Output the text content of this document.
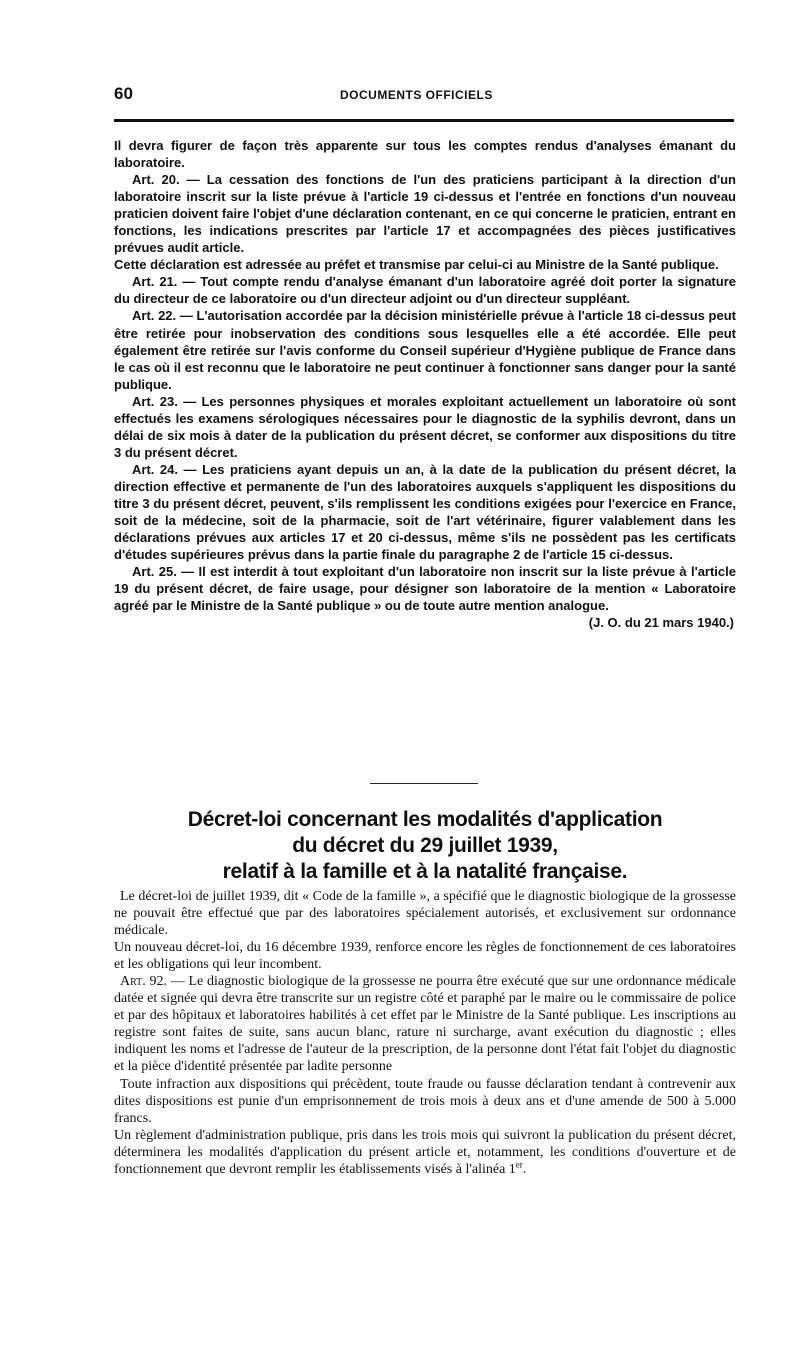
60	DOCUMENTS OFFICIELS

Il devra figurer de façon très apparente sur tous les comptes rendus d'analyses émanant du laboratoire.

Art. 20. — La cessation des fonctions de l'un des praticiens participant à la direction d'un laboratoire inscrit sur la liste prévue à l'article 19 ci-dessus et l'entrée en fonctions d'un nouveau praticien doivent faire l'objet d'une déclaration contenant, en ce qui concerne le praticien, entrant en fonctions, les indications prescrites par l'article 17 et accompagnées des pièces justificatives prévues audit article.

Cette déclaration est adressée au préfet et transmise par celui-ci au Ministre de la Santé publique.

Art. 21. — Tout compte rendu d'analyse émanant d'un laboratoire agréé doit porter la signature du directeur de ce laboratoire ou d'un directeur adjoint ou d'un directeur suppléant.

Art. 22. — L'autorisation accordée par la décision ministérielle prévue à l'article 18 ci-dessus peut être retirée pour inobservation des conditions sous lesquelles elle a été accordée. Elle peut également être retirée sur l'avis conforme du Conseil supérieur d'Hygiène publique de France dans le cas où il est reconnu que le laboratoire ne peut continuer à fonctionner sans danger pour la santé publique.

Art. 23. — Les personnes physiques et morales exploitant actuellement un laboratoire où sont effectués les examens sérologiques nécessaires pour le diagnostic de la syphilis devront, dans un délai de six mois à dater de la publication du présent décret, se conformer aux dispositions du titre 3 du présent décret.

Art. 24. — Les praticiens ayant depuis un an, à la date de la publication du présent décret, la direction effective et permanente de l'un des laboratoires auxquels s'appliquent les dispositions du titre 3 du présent décret, peuvent, s'ils remplissent les conditions exigées pour l'exercice en France, soit de la médecine, soit de la pharmacie, soit de l'art vétérinaire, figurer valablement dans les déclarations prévues aux articles 17 et 20 ci-dessus, même s'ils ne possèdent pas les certificats d'études supérieures prévus dans la partie finale du paragraphe 2 de l'article 15 ci-dessus.

Art. 25. — Il est interdit à tout exploitant d'un laboratoire non inscrit sur la liste prévue à l'article 19 du présent décret, de faire usage, pour désigner son laboratoire de la mention « Laboratoire agréé par le Ministre de la Santé publique » ou de toute autre mention analogue.

(J. O. du 21 mars 1940.)
Décret-loi concernant les modalités d'application
du décret du 29 juillet 1939,
relatif à la famille et à la natalité française.

Le décret-loi de juillet 1939, dit « Code de la famille », a spécifié que le diagnostic biologique de la grossesse ne pouvait être effectué que par des laboratoires spécialement autorisés, et exclusivement sur ordonnance médicale.

Un nouveau décret-loi, du 16 décembre 1939, renforce encore les règles de fonctionnement de ces laboratoires et les obligations qui leur incombent.

Art. 92. — Le diagnostic biologique de la grossesse ne pourra être exécuté que sur une ordonnance médicale datée et signée qui devra être transcrite sur un registre côté et paraphé par le maire ou le commissaire de police et par des hôpitaux et laboratoires habilités à cet effet par le Ministre de la Santé publique. Les inscriptions au registre sont faites de suite, sans aucun blanc, rature ni surcharge, avant exécution du diagnostic ; elles indiquent les noms et l'adresse de l'auteur de la prescription, de la personne dont l'état fait l'objet du diagnostic et la pièce d'identité présentée par ladite personne

Toute infraction aux dispositions qui précèdent, toute fraude ou fausse déclaration tendant à contrevenir aux dites dispositions est punie d'un emprisonnement de trois mois à deux ans et d'une amende de 500 à 5.000 francs.

Un règlement d'administration publique, pris dans les trois mois qui suivront la publication du présent décret, déterminera les modalités d'application du présent article et, notamment, les conditions d'ouverture et de fonctionnement que devront remplir les établissements visés à l'alinéa 1er.
